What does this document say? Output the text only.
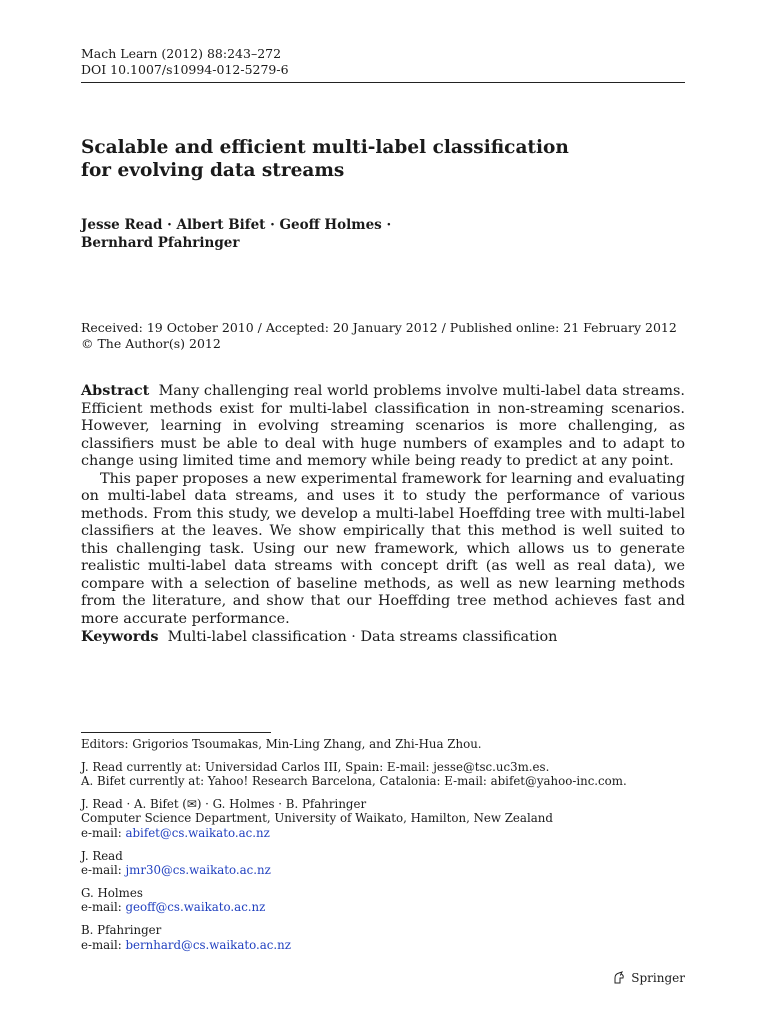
Mach Learn (2012) 88:243–272
DOI 10.1007/s10994-012-5279-6
Scalable and efficient multi-label classification
for evolving data streams
Jesse Read · Albert Bifet · Geoff Holmes ·
Bernhard Pfahringer
Received: 19 October 2010 / Accepted: 20 January 2012 / Published online: 21 February 2012
© The Author(s) 2012

Abstract Many challenging real world problems involve multi-label data streams. Efficient methods exist for multi-label classification in non-streaming scenarios. However, learning in evolving streaming scenarios is more challenging, as classifiers must be able to deal with huge numbers of examples and to adapt to change using limited time and memory while being ready to predict at any point.

This paper proposes a new experimental framework for learning and evaluating on multi-label data streams, and uses it to study the performance of various methods. From this study, we develop a multi-label Hoeffding tree with multi-label classifiers at the leaves. We show empirically that this method is well suited to this challenging task. Using our new framework, which allows us to generate realistic multi-label data streams with concept drift (as well as real data), we compare with a selection of baseline methods, as well as new learning methods from the literature, and show that our Hoeffding tree method achieves fast and more accurate performance.

Keywords Multi-label classification · Data streams classification

Editors: Grigorios Tsoumakas, Min-Ling Zhang, and Zhi-Hua Zhou.

J. Read currently at: Universidad Carlos III, Spain: E-mail: jesse@tsc.uc3m.es.

A. Bifet currently at: Yahoo! Research Barcelona, Catalonia: E-mail: abifet@yahoo-inc.com.

J. Read · A. Bifet (✉) · G. Holmes · B. Pfahringer

Computer Science Department, University of Waikato, Hamilton, New Zealand

e-mail: abifet@cs.waikato.ac.nz

J. Read

e-mail: jmr30@cs.waikato.ac.nz

G. Holmes

e-mail: geoff@cs.waikato.ac.nz

B. Pfahringer

e-mail: bernhard@cs.waikato.ac.nz

Springer
